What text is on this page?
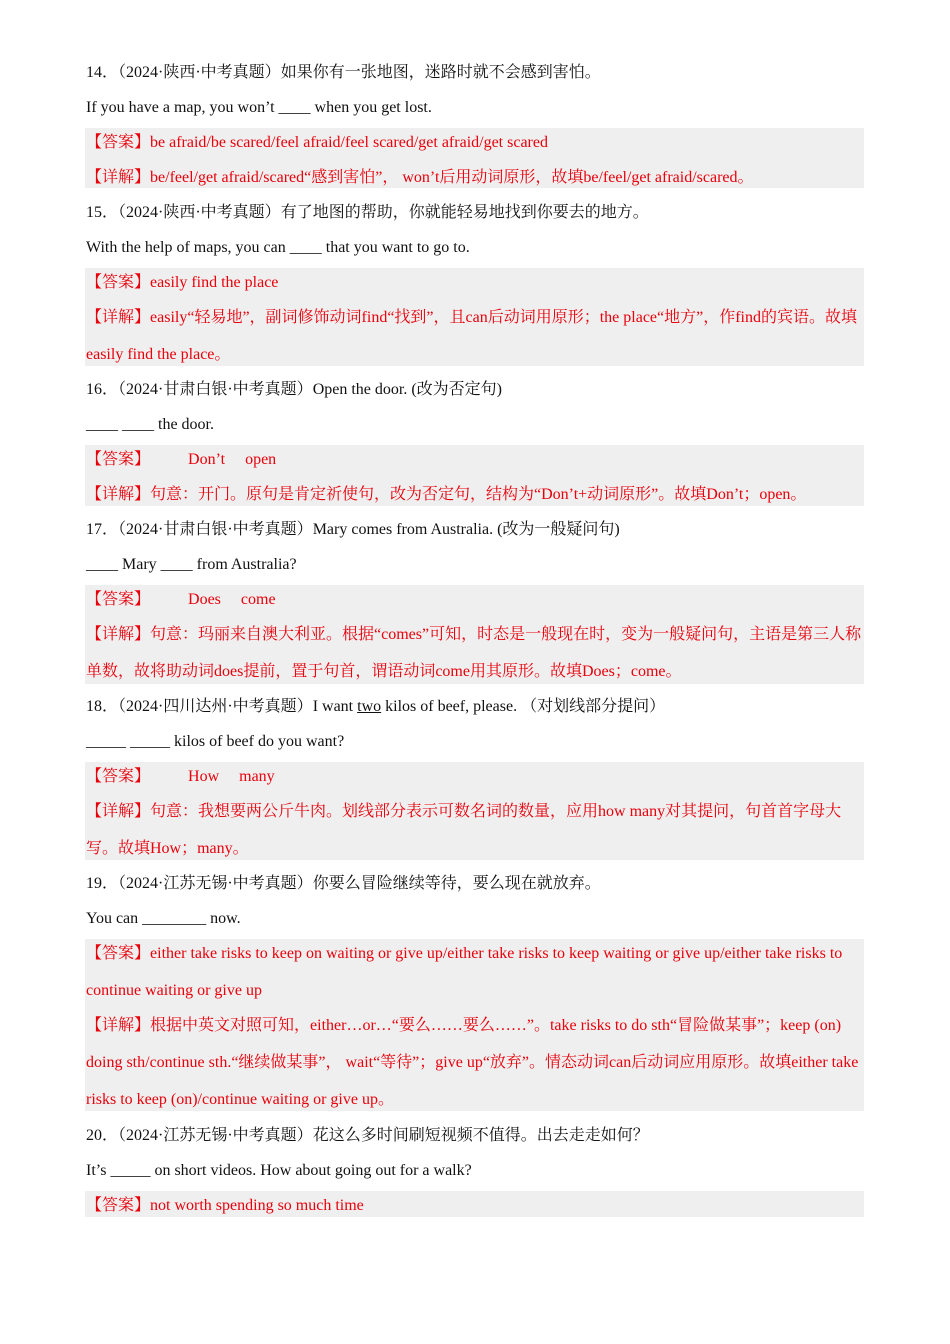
14．（2024·陕西·中考真题）如果你有一张地图，迷路时就不会感到害怕。
If you have a map, you won’t ____ when you get lost.
【答案】be afraid/be scared/feel afraid/feel scared/get afraid/get scared
【详解】be/feel/get afraid/scared“感到害怕”， won’t后用动词原形，故填be/feel/get afraid/scared。
15．（2024·陕西·中考真题）有了地图的帮助，你就能轻易地找到你要去的地方。
With the help of maps, you can ____ that you want to go to.
【答案】easily find the place
【详解】easily“轻易地”，副词修饰动词find“找到”，且can后动词用原形；the place“地方”，作find的宾语。故填easily find the place。
16．（2024·甘肃白银·中考真题）Open the door. (改为否定句)
____ ____ the door.
【答案】 Don’t open
【详解】句意：开门。原句是肯定祈使句，改为否定句，结构为“Don’t+动词原形”。故填Don’t；open。
17．（2024·甘肃白银·中考真题）Mary comes from Australia. (改为一般疑问句)
____ Mary ____ from Australia?
【答案】 Does come
【详解】句意：玛丽来自澳大利亚。根据“comes”可知，时态是一般现在时，变为一般疑问句，主语是第三人称单数，故将助动词does提前，置于句首，谓语动词come用其原形。故填Does；come。
18．（2024·四川达州·中考真题）I want two kilos of beef, please. （对划线部分提问）
_____ _____ kilos of beef do you want?
【答案】 How many
【详解】句意：我想要两公斤牛肉。划线部分表示可数名词的数量，应用how many对其提问，句首首字母大写。故填How；many。
19．（2024·江苏无锡·中考真题）你要么冒险继续等待，要么现在就放弃。
You can ________ now.
【答案】either take risks to keep on waiting or give up/either take risks to keep waiting or give up/either take risks to continue waiting or give up
【详解】根据中英文对照可知，either…or…“要么……要么……”。take risks to do sth“冒险做某事”；keep (on) doing sth/continue sth.“继续做某事”， wait“等待”；give up“放弃”。情态动词can后动词应用原形。故填either take risks to keep (on)/continue waiting or give up。
20．（2024·江苏无锡·中考真题）花这么多时间刷短视频不值得。出去走走如何？
It’s _____ on short videos. How about going out for a walk?
【答案】not worth spending so much time
